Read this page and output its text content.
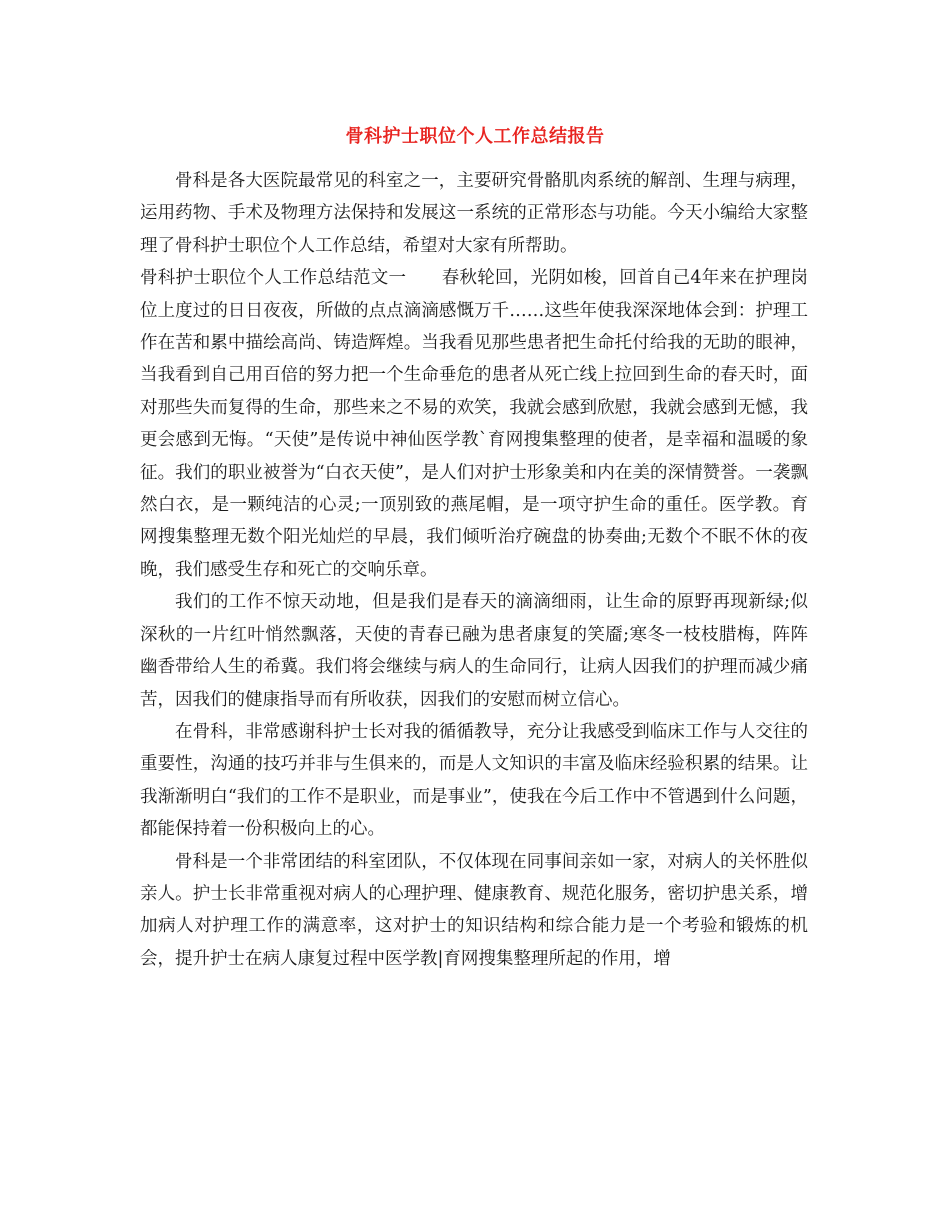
骨科护士职位个人工作总结报告

骨科是各大医院最常见的科室之一，主要研究骨骼肌肉系统的解剖、生理与病理，运用药物、手术及物理方法保持和发展这一系统的正常形态与功能。今天小编给大家整理了骨科护士职位个人工作总结，希望对大家有所帮助。

骨科护士职位个人工作总结范文一　　春秋轮回，光阴如梭，回首自己4年来在护理岗位上度过的日日夜夜，所做的点点滴滴感慨万千……这些年使我深深地体会到：护理工作在苦和累中描绘高尚、铸造辉煌。当我看见那些患者把生命托付给我的无助的眼神，当我看到自己用百倍的努力把一个生命垂危的患者从死亡线上拉回到生命的春天时，面对那些失而复得的生命，那些来之不易的欢笑，我就会感到欣慰，我就会感到无憾，我更会感到无悔。“天使”是传说中神仙医学教`育网搜集整理的使者，是幸福和温暖的象征。我们的职业被誉为“白衣天使”，是人们对护士形象美和内在美的深情赞誉。一袭飘然白衣，是一颗纯洁的心灵;一顶别致的燕尾帽，是一项守护生命的重任。医学教。育网搜集整理无数个阳光灿烂的早晨，我们倾听治疗碗盘的协奏曲;无数个不眠不休的夜晚，我们感受生存和死亡的交响乐章。

我们的工作不惊天动地，但是我们是春天的滴滴细雨，让生命的原野再现新绿;似深秋的一片红叶悄然飘落，天使的青春已融为患者康复的笑靥;寒冬一枝枝腊梅，阵阵幽香带给人生的希冀。我们将会继续与病人的生命同行，让病人因我们的护理而减少痛苦，因我们的健康指导而有所收获，因我们的安慰而树立信心。

在骨科，非常感谢科护士长对我的循循教导，充分让我感受到临床工作与人交往的重要性，沟通的技巧并非与生俱来的，而是人文知识的丰富及临床经验积累的结果。让我渐渐明白“我们的工作不是职业，而是事业”，使我在今后工作中不管遇到什么问题，都能保持着一份积极向上的心。

骨科是一个非常团结的科室团队，不仅体现在同事间亲如一家，对病人的关怀胜似亲人。护士长非常重视对病人的心理护理、健康教育、规范化服务，密切护患关系，增加病人对护理工作的满意率，这对护士的知识结构和综合能力是一个考验和锻炼的机会，提升护士在病人康复过程中医学教|育网搜集整理所起的作用，增
